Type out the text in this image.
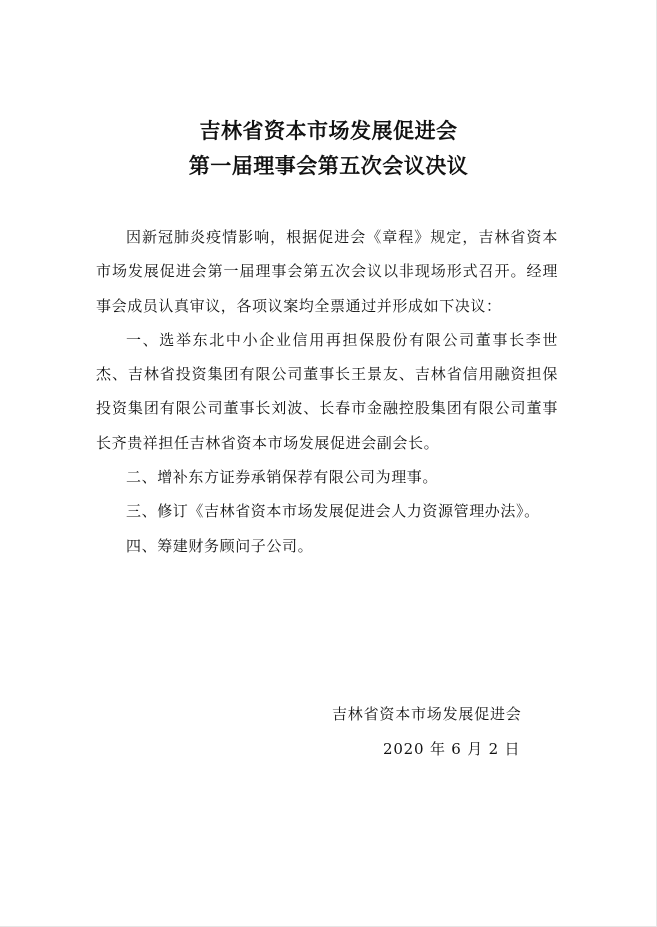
吉林省资本市场发展促进会
第一届理事会第五次会议决议

因新冠肺炎疫情影响，根据促进会《章程》规定，吉林省资本市场发展促进会第一届理事会第五次会议以非现场形式召开。经理事会成员认真审议，各项议案均全票通过并形成如下决议：

一、选举东北中小企业信用再担保股份有限公司董事长李世杰、吉林省投资集团有限公司董事长王景友、吉林省信用融资担保投资集团有限公司董事长刘波、长春市金融控股集团有限公司董事长齐贵祥担任吉林省资本市场发展促进会副会长。

二、增补东方证券承销保荐有限公司为理事。

三、修订《吉林省资本市场发展促进会人力资源管理办法》。

四、筹建财务顾问子公司。

吉林省资本市场发展促进会
2020 年 6 月 2 日
